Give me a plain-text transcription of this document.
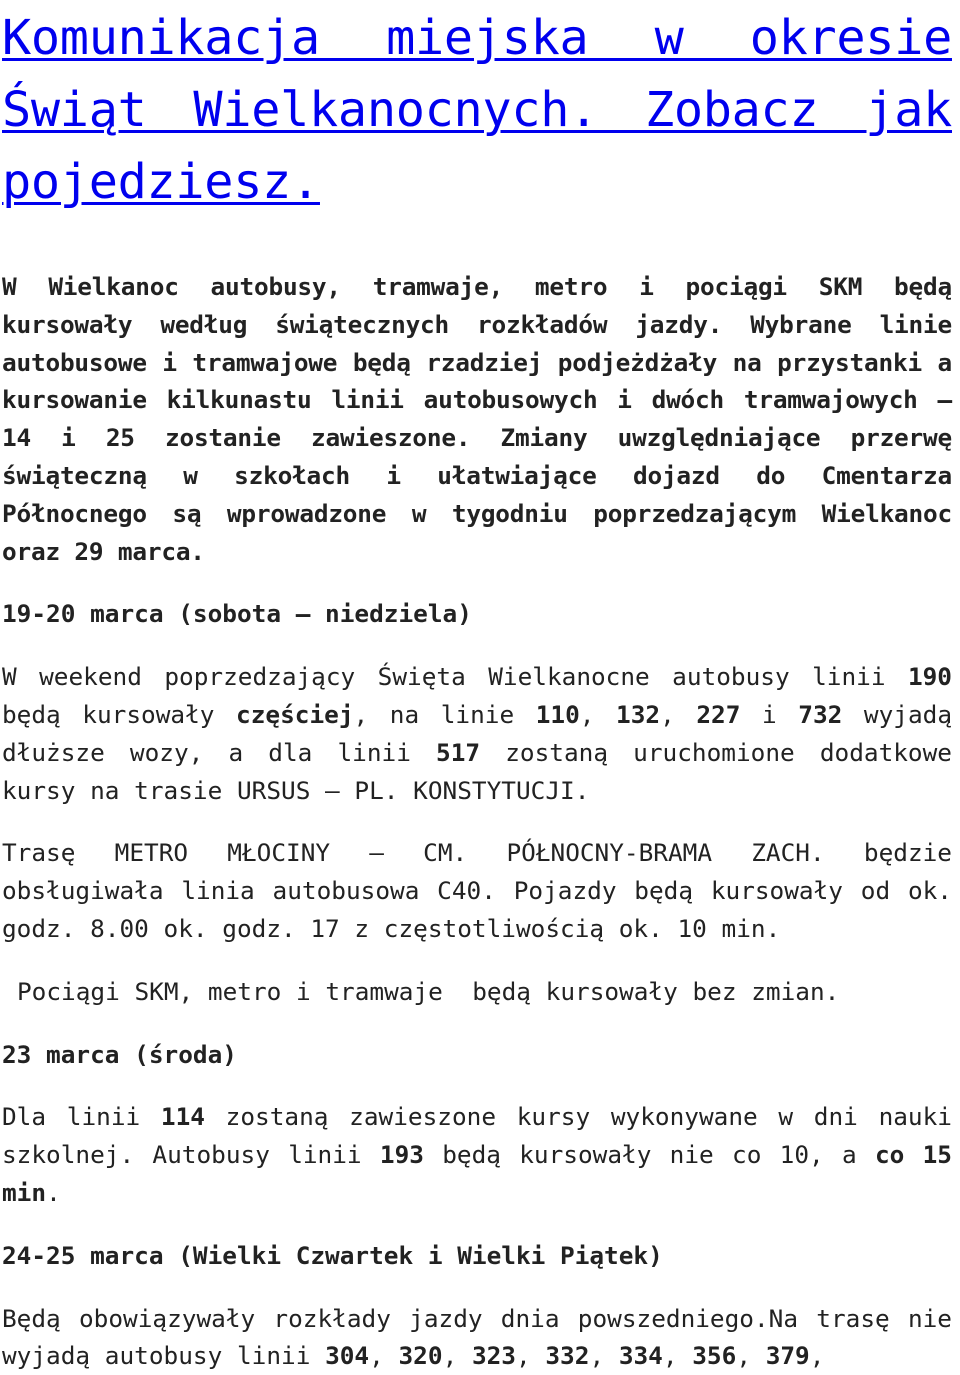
Komunikacja miejska w okresie Świąt Wielkanocnych. Zobacz jak pojedziesz.

W Wielkanoc autobusy, tramwaje, metro i pociągi SKM będą kursowały według świątecznych rozkładów jazdy. Wybrane linie autobusowe i tramwajowe będą rzadziej podjeżdżały na przystanki a kursowanie kilkunastu linii autobusowych i dwóch tramwajowych – 14 i 25 zostanie zawieszone. Zmiany uwzględniające przerwę świąteczną w szkołach i ułatwiające dojazd do Cmentarza Północnego są wprowadzone w tygodniu poprzedzającym Wielkanoc oraz 29 marca.

19-20 marca (sobota – niedziela)

W weekend poprzedzający Święta Wielkanocne autobusy linii 190 będą kursowały częściej, na linie 110, 132, 227 i 732 wyjadą dłuższe wozy, a dla linii 517 zostaną uruchomione dodatkowe kursy na trasie URSUS – PL. KONSTYTUCJI.

Trasę METRO MŁOCINY – CM. PÓŁNOCNY-BRAMA ZACH. będzie obsługiwała linia autobusowa C40. Pojazdy będą kursowały od ok. godz. 8.00 ok. godz. 17 z częstotliwością ok. 10 min.

Pociągi SKM, metro i tramwaje  będą kursowały bez zmian.

23 marca (środa)

Dla linii 114 zostaną zawieszone kursy wykonywane w dni nauki szkolnej. Autobusy linii 193 będą kursowały nie co 10, a co 15 min.

24-25 marca (Wielki Czwartek i Wielki Piątek)

Będą obowiązywały rozkłady jazdy dnia powszedniego.Na trasę nie wyjadą autobusy linii 304, 320, 323, 332, 334, 356, 379,
